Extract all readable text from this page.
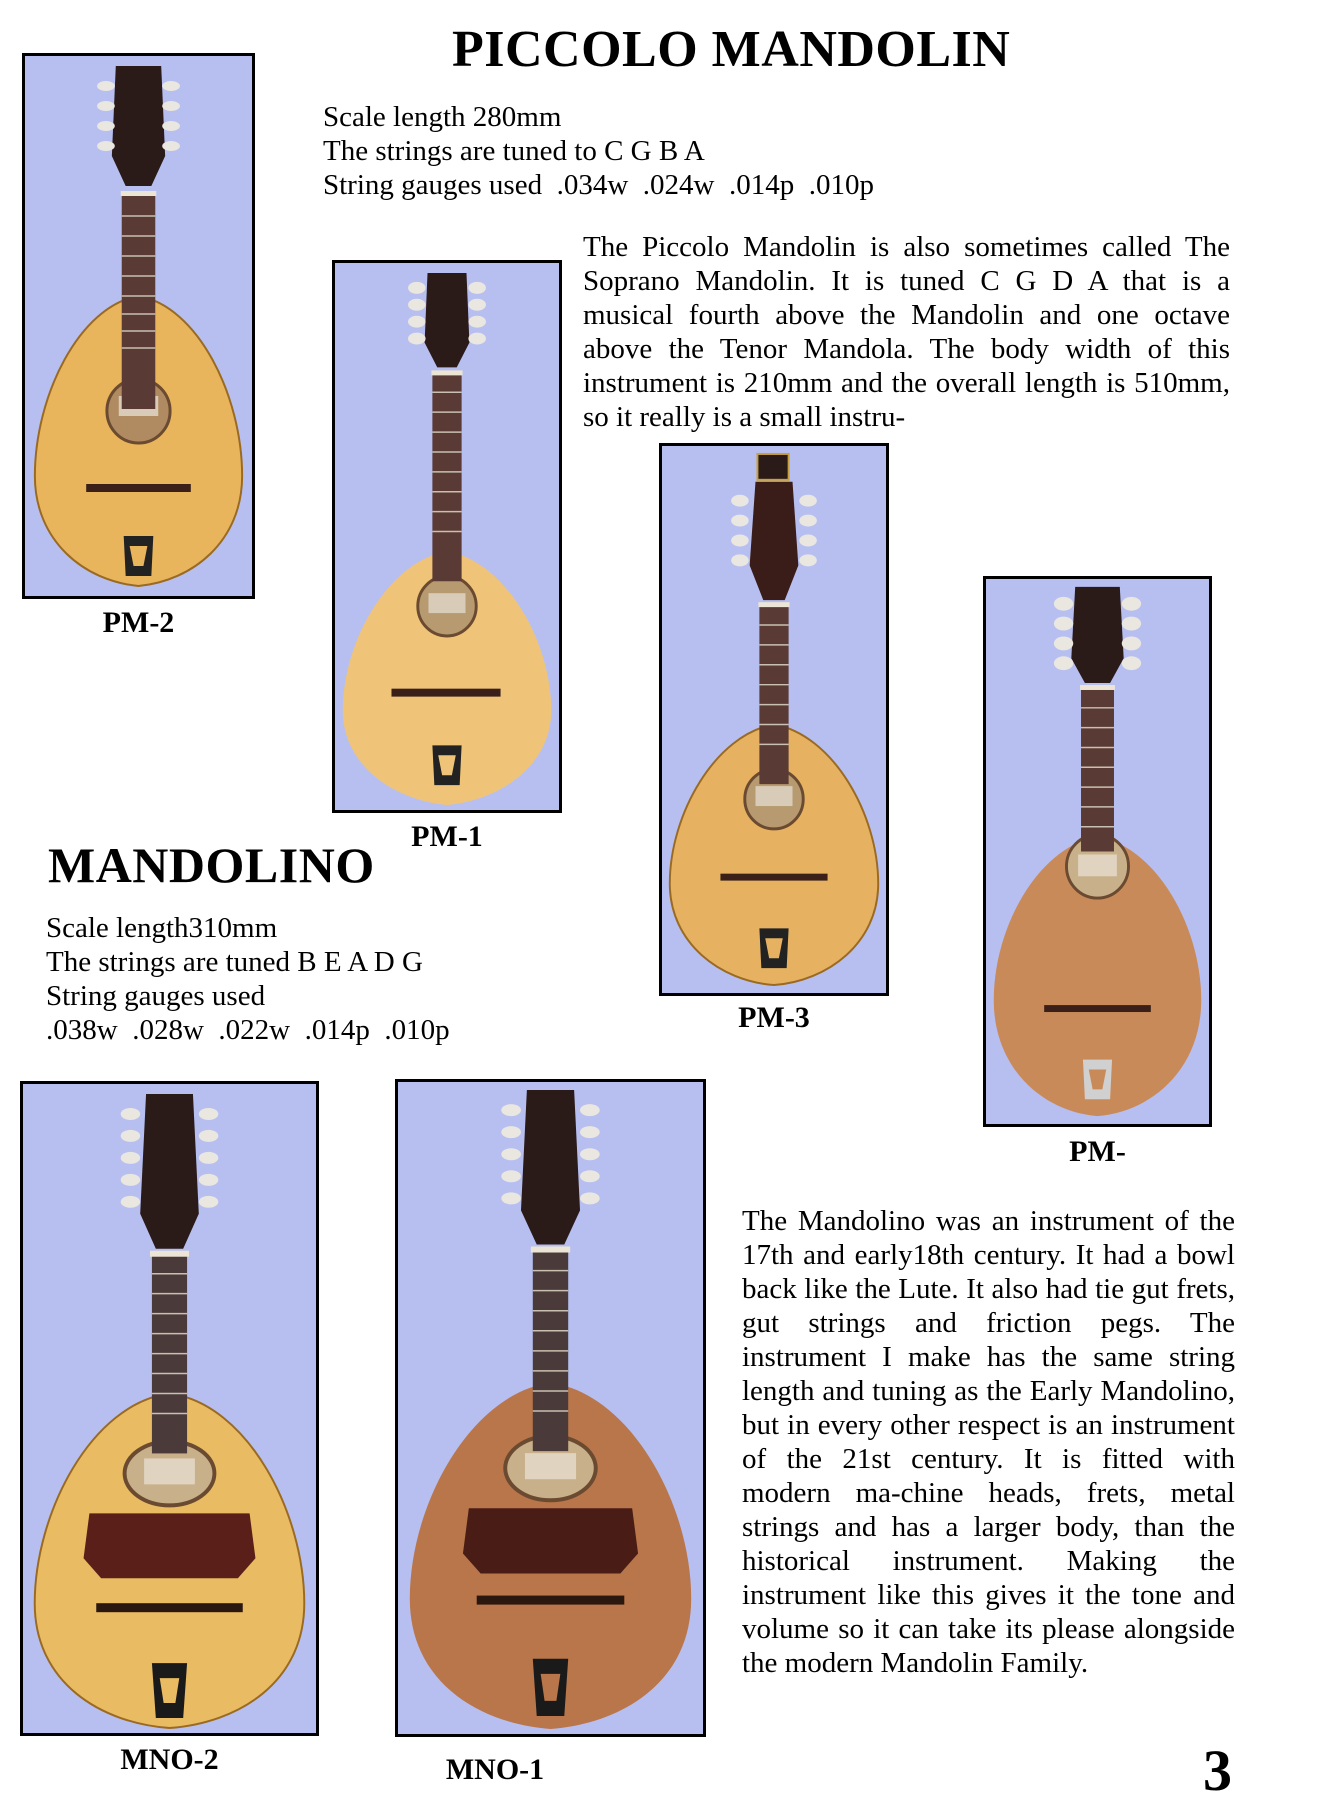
PICCOLO MANDOLIN
Scale length 280mm
The strings are tuned to C G B A
String gauges used  .034w  .024w  .014p  .010p
The Piccolo Mandolin is also sometimes called The Soprano Mandolin. It is tuned C G D A that is a musical fourth above the Mandolin and one octave above the Tenor Mandola. The body width of this instrument is 210mm and the overall length is 510mm, so it really is a small instru-
PM-2
PM-1
PM-3
PM-
MNO-2	MNO-1
MANDOLINO
Scale length310mm
The strings are tuned B E A D G
String gauges used
.038w  .028w  .022w  .014p  .010p
The Mandolino was an instrument of the 17th and early18th century. It had a bowl back like the Lute. It also had tie gut frets, gut strings and friction pegs. The instrument I make has the same string length and tuning as the Early Mandolino, but in every other respect is an instrument of the 21st century. It is fitted with modern ma-chine heads, frets, metal strings and has a larger body, than the historical instrument. Making the instrument like this gives it the tone and volume so it can take its please alongside the modern Mandolin Family.
3
